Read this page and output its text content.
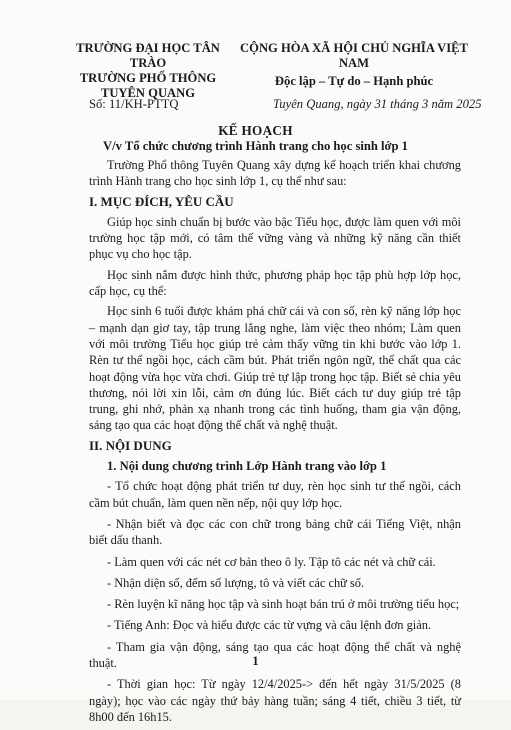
TRƯỜNG ĐẠI HỌC TÂN TRÀO
TRƯỜNG PHỔ THÔNG
TUYÊN QUANG
CỘNG HÒA XÃ HỘI CHỦ NGHĨA VIỆT NAM
Độc lập – Tự do – Hạnh phúc
Số: 11/KH-PTTQ	Tuyên Quang, ngày 31 tháng 3 năm 2025
KẾ HOẠCH
V/v Tổ chức chương trình Hành trang cho học sinh lớp 1

Trường Phổ thông Tuyên Quang xây dựng kế hoạch triển khai chương trình Hành trang cho học sinh lớp 1, cụ thể như sau:

I. MỤC ĐÍCH, YÊU CẦU

Giúp học sinh chuẩn bị bước vào bậc Tiểu học, được làm quen với môi trường học tập mới, có tâm thế vững vàng và những kỹ năng cần thiết phục vụ cho học tập.

Học sinh nắm được hình thức, phương pháp học tập phù hợp lớp học, cấp học, cụ thể:

Học sinh 6 tuổi được khám phá chữ cái và con số, rèn kỹ năng lớp học – mạnh dạn giơ tay, tập trung lắng nghe, làm việc theo nhóm; Làm quen với môi trường Tiểu học giúp trẻ cảm thấy vững tin khi bước vào lớp 1. Rèn tư thế ngồi học, cách cầm bút. Phát triển ngôn ngữ, thể chất qua các hoạt động vừa học vừa chơi. Giúp trẻ tự lập trong học tập. Biết sẻ chia yêu thương, nói lời xin lỗi, cảm ơn đúng lúc. Biết cách tư duy giúp trẻ tập trung, ghi nhớ, phản xạ nhanh trong các tình huống, tham gia vận động, sáng tạo qua các hoạt động thể chất và nghệ thuật.

II. NỘI DUNG
1. Nội dung chương trình Lớp Hành trang vào lớp 1

- Tổ chức hoạt động phát triển tư duy, rèn học sinh tư thế ngồi, cách cầm bút chuẩn, làm quen nền nếp, nội quy lớp học.

- Nhận biết và đọc các con chữ trong bảng chữ cái Tiếng Việt, nhận biết dấu thanh.

- Làm quen với các nét cơ bản theo ô ly. Tập tô các nét và chữ cái.

- Nhận diện số, đếm số lượng, tô và viết các chữ số.

- Rèn luyện kĩ năng học tập và sinh hoạt bán trú ở môi trường tiểu học;

- Tiếng Anh: Đọc và hiểu được các từ vựng và câu lệnh đơn giản.

- Tham gia vận động, sáng tạo qua các hoạt động thể chất và nghệ thuật.

- Thời gian học: Từ ngày 12/4/2025-> đến hết ngày 31/5/2025 (8 ngày); học vào các ngày thứ bảy hàng tuần; sáng 4 tiết, chiều 3 tiết, từ 8h00 đến 16h15.

1
